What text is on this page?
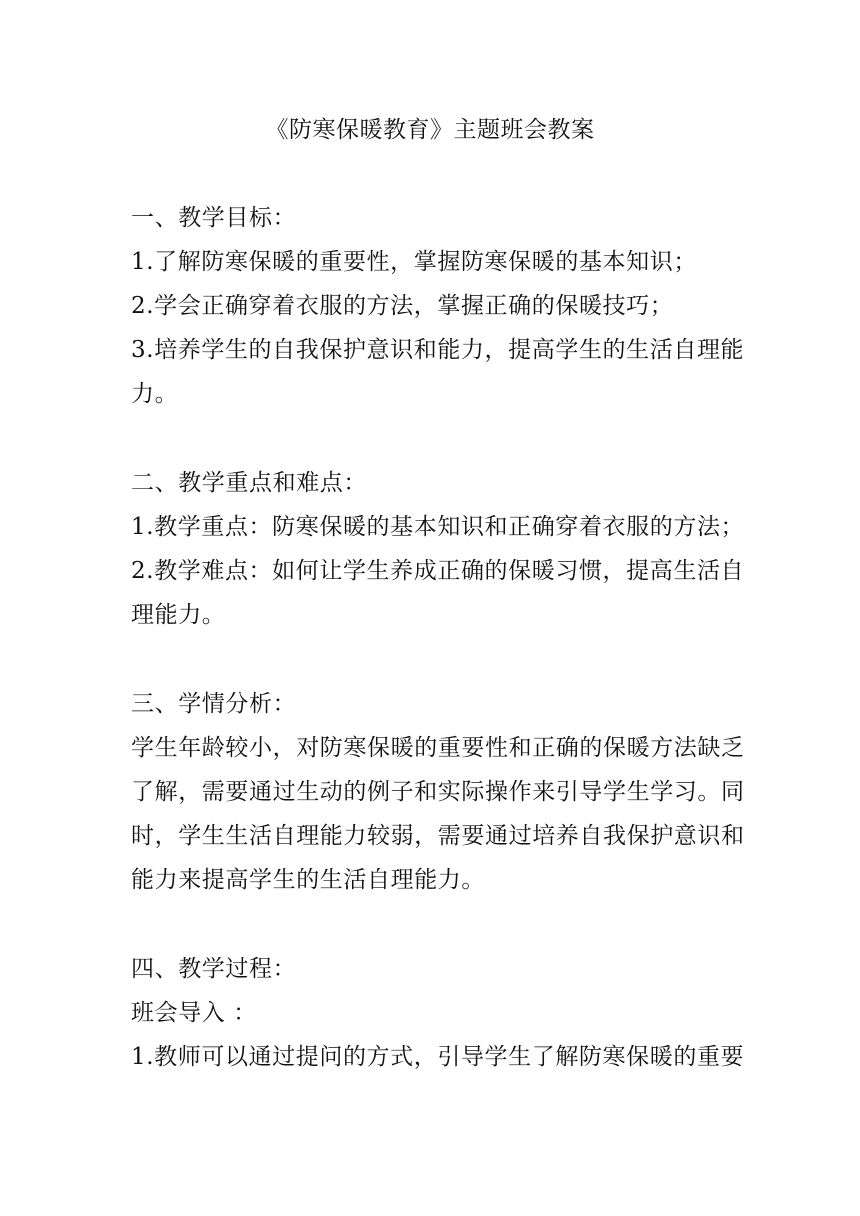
《防寒保暖教育》主题班会教案
一、教学目标：
1.了解防寒保暖的重要性，掌握防寒保暖的基本知识；
2.学会正确穿着衣服的方法，掌握正确的保暖技巧；
3.培养学生的自我保护意识和能力，提高学生的生活自理能
力。
二、教学重点和难点：
1.教学重点：防寒保暖的基本知识和正确穿着衣服的方法；
2.教学难点：如何让学生养成正确的保暖习惯，提高生活自
理能力。
三、学情分析：
学生年龄较小，对防寒保暖的重要性和正确的保暖方法缺乏
了解，需要通过生动的例子和实际操作来引导学生学习。同
时，学生生活自理能力较弱，需要通过培养自我保护意识和
能力来提高学生的生活自理能力。
四、教学过程：
班会导入 ：
1.教师可以通过提问的方式，引导学生了解防寒保暖的重要
